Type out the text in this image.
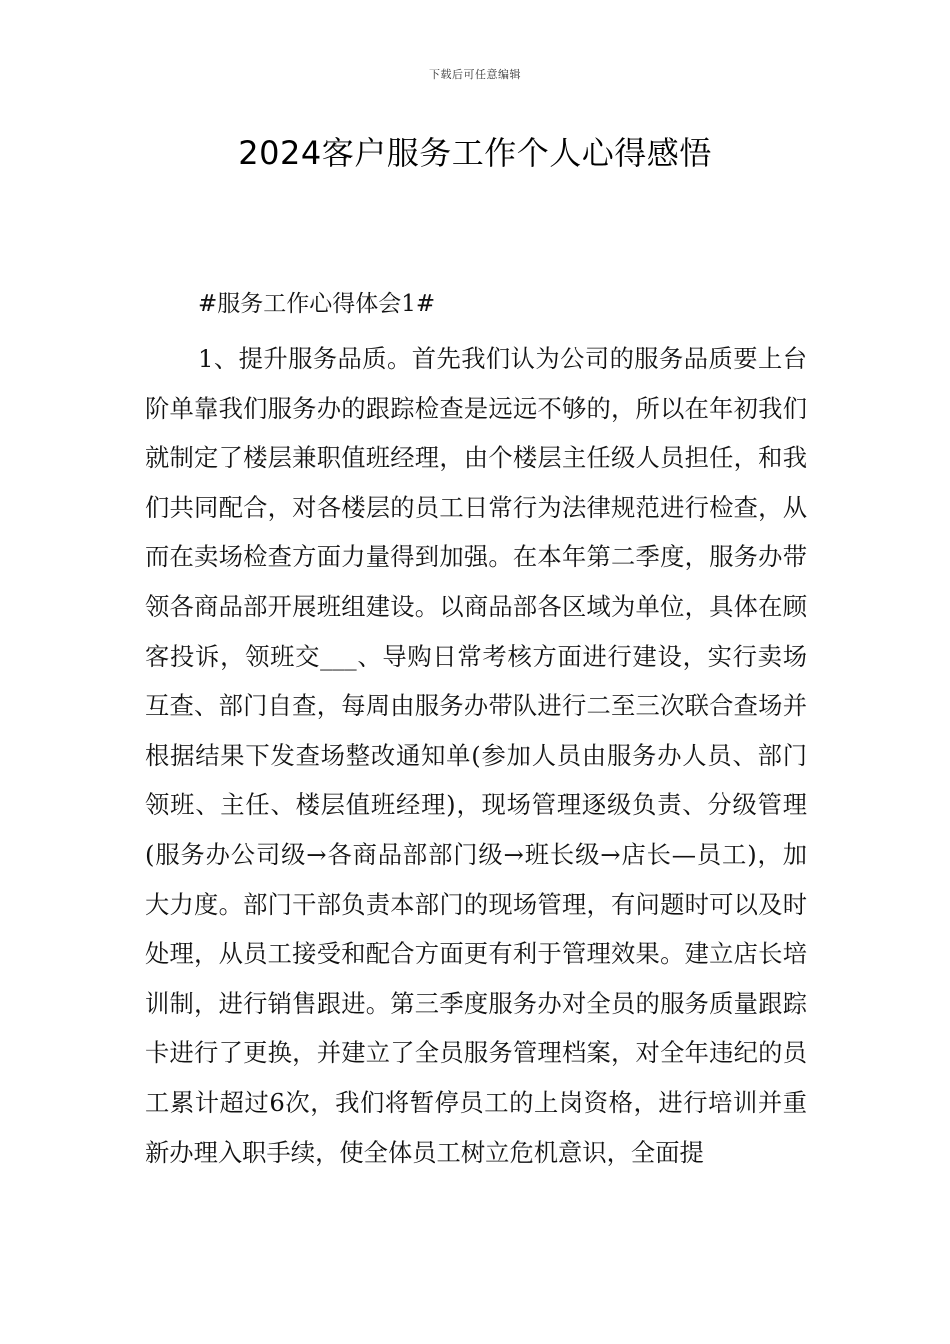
下载后可任意编辑
2024客户服务工作个人心得感悟
#服务工作心得体会1#

1、提升服务品质。首先我们认为公司的服务品质要上台阶单靠我们服务办的跟踪检查是远远不够的，所以在年初我们就制定了楼层兼职值班经理，由个楼层主任级人员担任，和我们共同配合，对各楼层的员工日常行为法律规范进行检查，从而在卖场检查方面力量得到加强。在本年第二季度，服务办带领各商品部开展班组建设。以商品部各区域为单位，具体在顾客投诉，领班交___、导购日常考核方面进行建设，实行卖场互查、部门自查，每周由服务办带队进行二至三次联合查场并根据结果下发查场整改通知单(参加人员由服务办人员、部门领班、主任、楼层值班经理)，现场管理逐级负责、分级管理(服务办公司级→各商品部部门级→班长级→店长—员工)，加大力度。部门干部负责本部门的现场管理，有问题时可以及时处理，从员工接受和配合方面更有利于管理效果。建立店长培训制，进行销售跟进。第三季度服务办对全员的服务质量跟踪卡进行了更换，并建立了全员服务管理档案，对全年违纪的员工累计超过6次，我们将暂停员工的上岗资格，进行培训并重新办理入职手续，使全体员工树立危机意识，全面提
